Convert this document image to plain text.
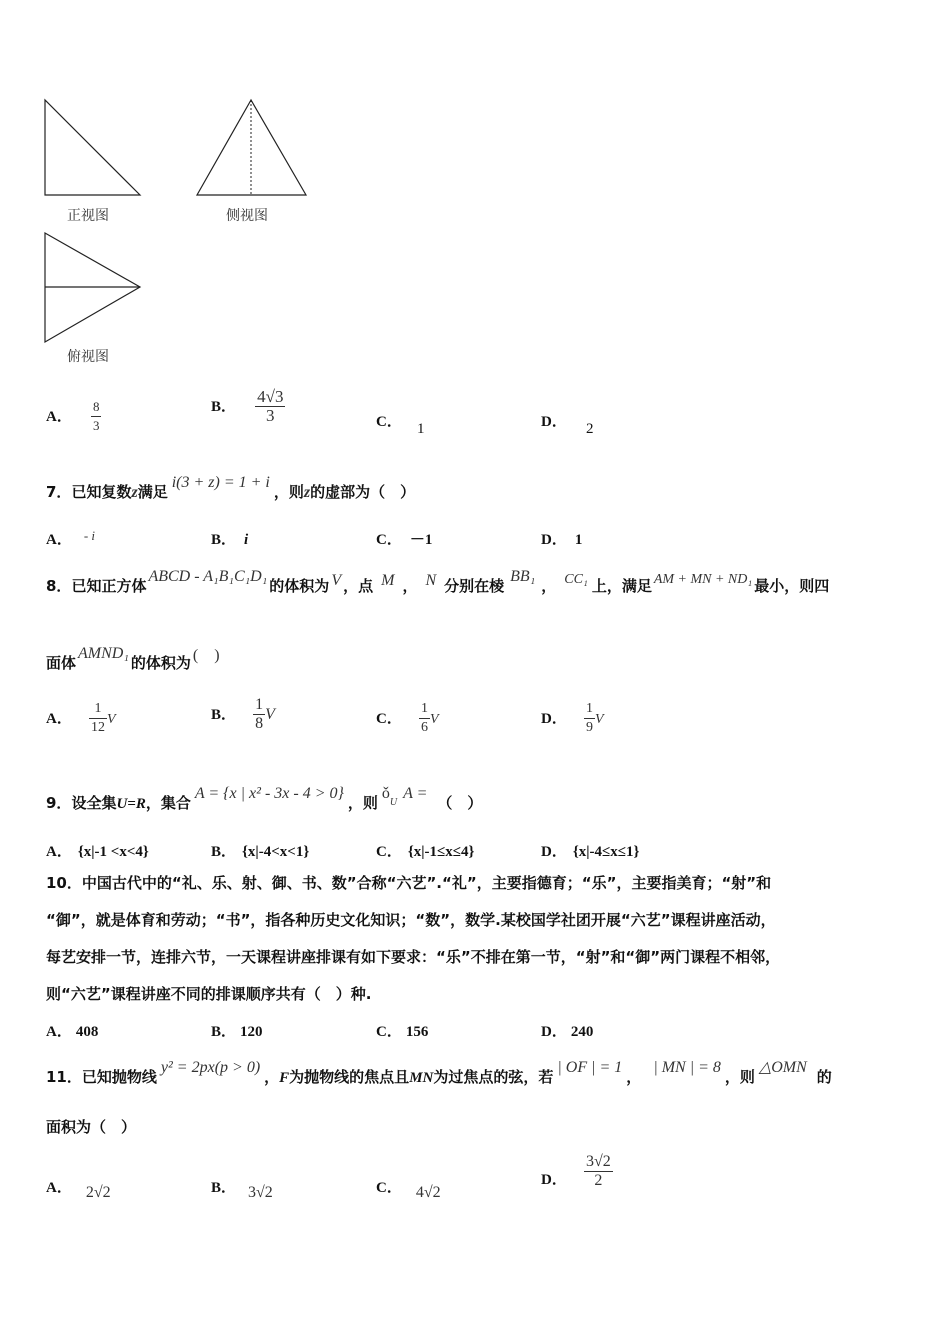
正视图	侧视图
俯视图
A． $\frac{8}{3}$	B． $\frac{4√3}{3}$	C． 1	D． 2
7．已知复数z满足i(3 + z) = 1 + i，则z的虚部为（　）
A． $^{- i}$	B． i	C． －1	D． 1
8．已知正方体ABCD - A₁B₁C₁D₁的体积为 V ，点 M ， N 分别在棱BB₁， CC₁ 上，满足 AM + MN + ND₁ 最小，则四
面体AMND₁的体积为 (　)
A． $\frac{1}{12}$ V	B． $\frac{1}{8}$ V	C． $\frac{1}{6}$ V	D． $\frac{1}{9}$ V
9．设全集U=R，集合A = {x | x² - 3x - 4 > 0}，则$ǒ^UA$ =（　）
A． {x|-1 <x<4}	B． {x|-4<x<1}	C． {x|-1≤x≤4}	D． {x|-4≤x≤1}
10．中国古代中的“礼、乐、射、御、书、数”合称“六艺”.“礼”，主要指德育；“乐”，主要指美育；“射”和
“御”，就是体育和劳动；“书”，指各种历史文化知识；“数”，数学.某校国学社团开展“六艺”课程讲座活动，
每艺安排一节，连排六节，一天课程讲座排课有如下要求：“乐”不排在第一节，“射”和“御”两门课程不相邻，
则“六艺”课程讲座不同的排课顺序共有（　）种.
A． 408	B． 120	C． 156	D． 240
11．已知抛物线y² = 2px(p > 0)，F为抛物线的焦点且MN为过焦点的弦，若| OF | = 1，| MN | = 8，则△OMN的
面积为（　）
A． 2√2	B． 3√2	C． 4√2
D． $\frac{3√2}{2}$
